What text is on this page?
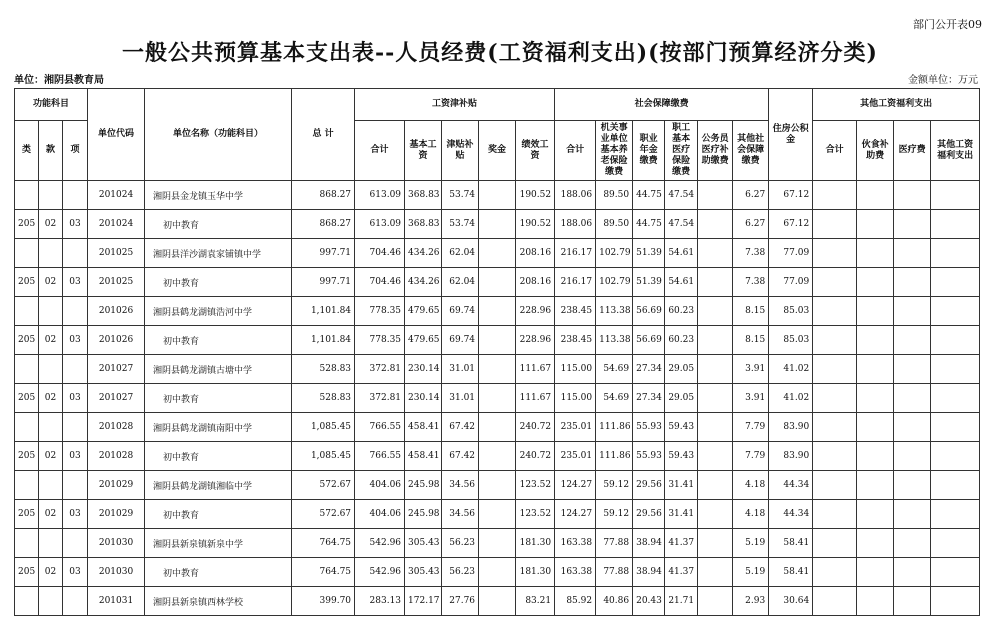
部门公开表09
一般公共预算基本支出表--人员经费(工资福利支出)(按部门预算经济分类)
单位：湘阴县教育局	金额单位：万元
功能科目			单位代码	单位名称（功能科目）	总 计	工资津补贴					社会保障缴费						住房公积金	其他工资福利支出			
类	款	项				合计	基本工资	津贴补贴	奖金	绩效工资	合计	机关事业单位基本养老保险缴费	职业年金缴费	职工基本医疗保险缴费	公务员医疗补助缴费	其他社会保障缴费		合计	伙食补助费	医疗费	其他工资福利支出
			201024	湘阴县金龙镇玉华中学	868.27	613.09	368.83	53.74		190.52	188.06	89.50	44.75	47.54		6.27	67.12				
205	02	03	201024	初中教育	868.27	613.09	368.83	53.74		190.52	188.06	89.50	44.75	47.54		6.27	67.12				
			201025	湘阴县洋沙湖袁家铺镇中学	997.71	704.46	434.26	62.04		208.16	216.17	102.79	51.39	54.61		7.38	77.09				
205	02	03	201025	初中教育	997.71	704.46	434.26	62.04		208.16	216.17	102.79	51.39	54.61		7.38	77.09				
			201026	湘阴县鹤龙湖镇浩河中学	1,101.84	778.35	479.65	69.74		228.96	238.45	113.38	56.69	60.23		8.15	85.03				
205	02	03	201026	初中教育	1,101.84	778.35	479.65	69.74		228.96	238.45	113.38	56.69	60.23		8.15	85.03				
			201027	湘阴县鹤龙湖镇古塘中学	528.83	372.81	230.14	31.01		111.67	115.00	54.69	27.34	29.05		3.91	41.02				
205	02	03	201027	初中教育	528.83	372.81	230.14	31.01		111.67	115.00	54.69	27.34	29.05		3.91	41.02				
			201028	湘阴县鹤龙湖镇南阳中学	1,085.45	766.55	458.41	67.42		240.72	235.01	111.86	55.93	59.43		7.79	83.90				
205	02	03	201028	初中教育	1,085.45	766.55	458.41	67.42		240.72	235.01	111.86	55.93	59.43		7.79	83.90				
			201029	湘阴县鹤龙湖镇湘临中学	572.67	404.06	245.98	34.56		123.52	124.27	59.12	29.56	31.41		4.18	44.34				
205	02	03	201029	初中教育	572.67	404.06	245.98	34.56		123.52	124.27	59.12	29.56	31.41		4.18	44.34				
			201030	湘阴县新泉镇新泉中学	764.75	542.96	305.43	56.23		181.30	163.38	77.88	38.94	41.37		5.19	58.41				
205	02	03	201030	初中教育	764.75	542.96	305.43	56.23		181.30	163.38	77.88	38.94	41.37		5.19	58.41				
			201031	湘阴县新泉镇西林学校	399.70	283.13	172.17	27.76		83.21	85.92	40.86	20.43	21.71		2.93	30.64				
